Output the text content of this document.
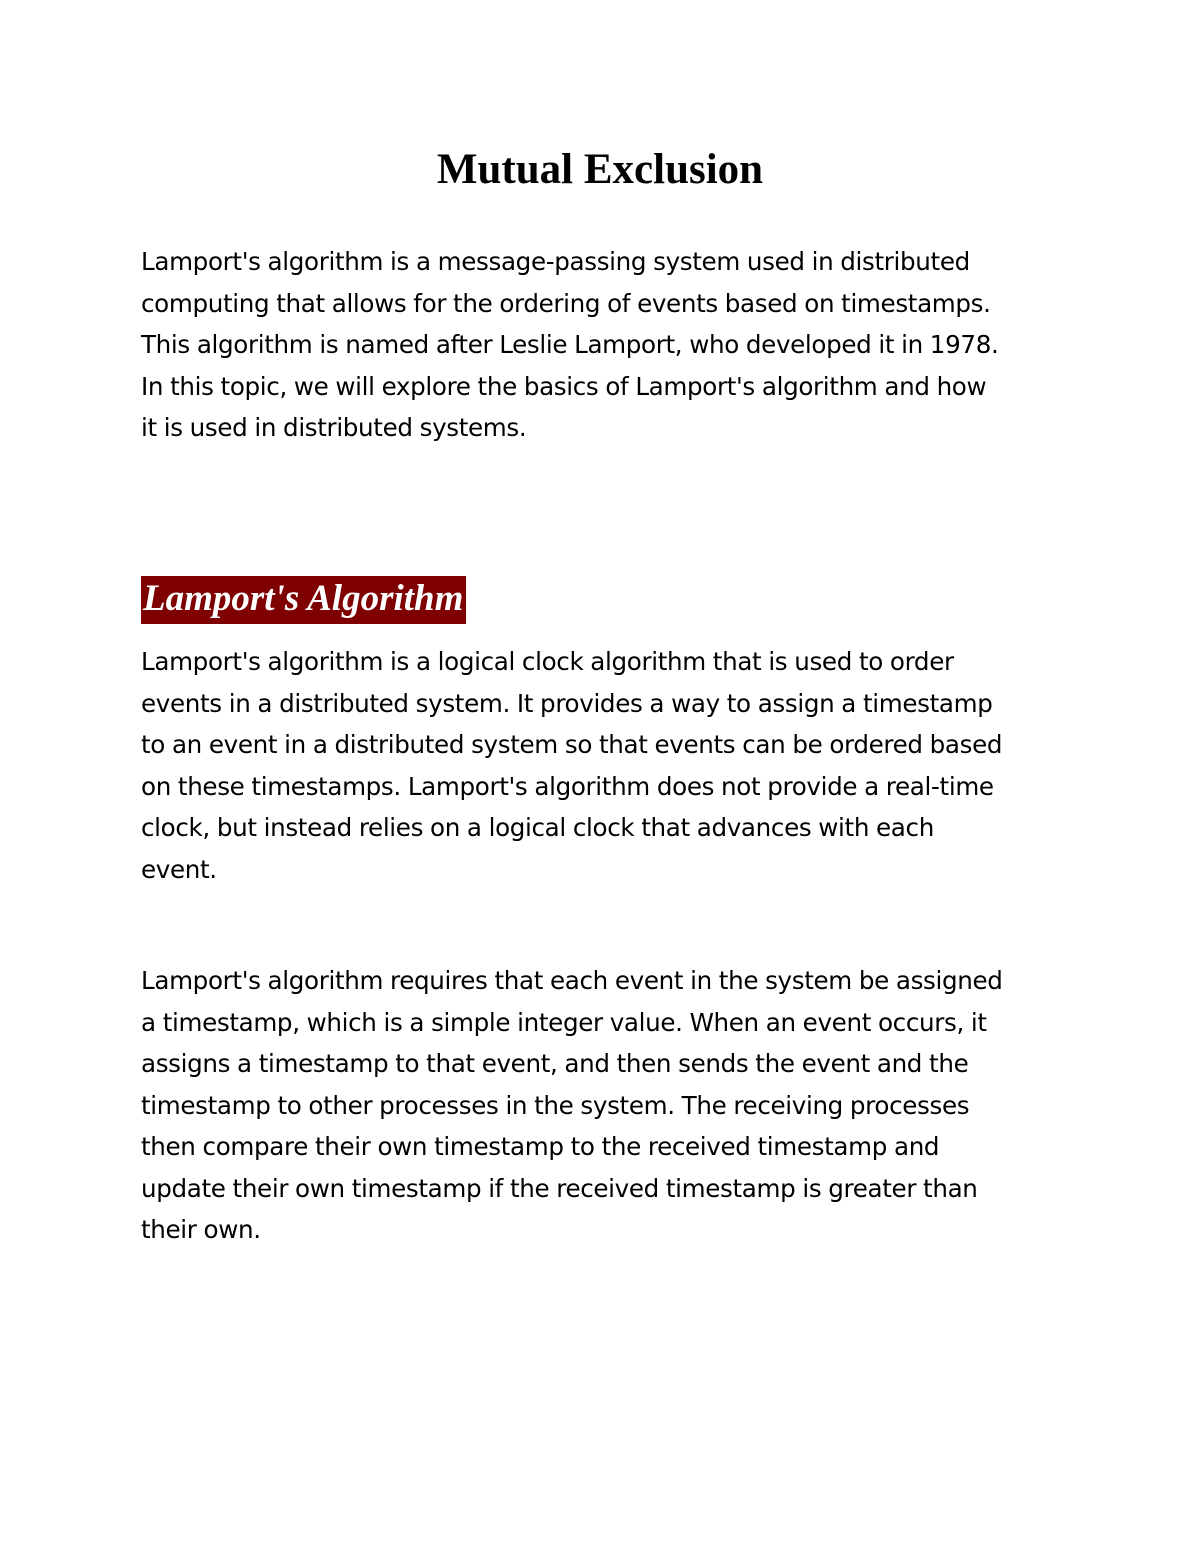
Mutual Exclusion

Lamport's algorithm is a message-passing system used in distributed
computing that allows for the ordering of events based on timestamps.
This algorithm is named after Leslie Lamport, who developed it in 1978.
In this topic, we will explore the basics of Lamport's algorithm and how
it is used in distributed systems.

Lamport's Algorithm

Lamport's algorithm is a logical clock algorithm that is used to order
events in a distributed system. It provides a way to assign a timestamp
to an event in a distributed system so that events can be ordered based
on these timestamps. Lamport's algorithm does not provide a real-time
clock, but instead relies on a logical clock that advances with each
event.

Lamport's algorithm requires that each event in the system be assigned
a timestamp, which is a simple integer value. When an event occurs, it
assigns a timestamp to that event, and then sends the event and the
timestamp to other processes in the system. The receiving processes
then compare their own timestamp to the received timestamp and
update their own timestamp if the received timestamp is greater than
their own.
